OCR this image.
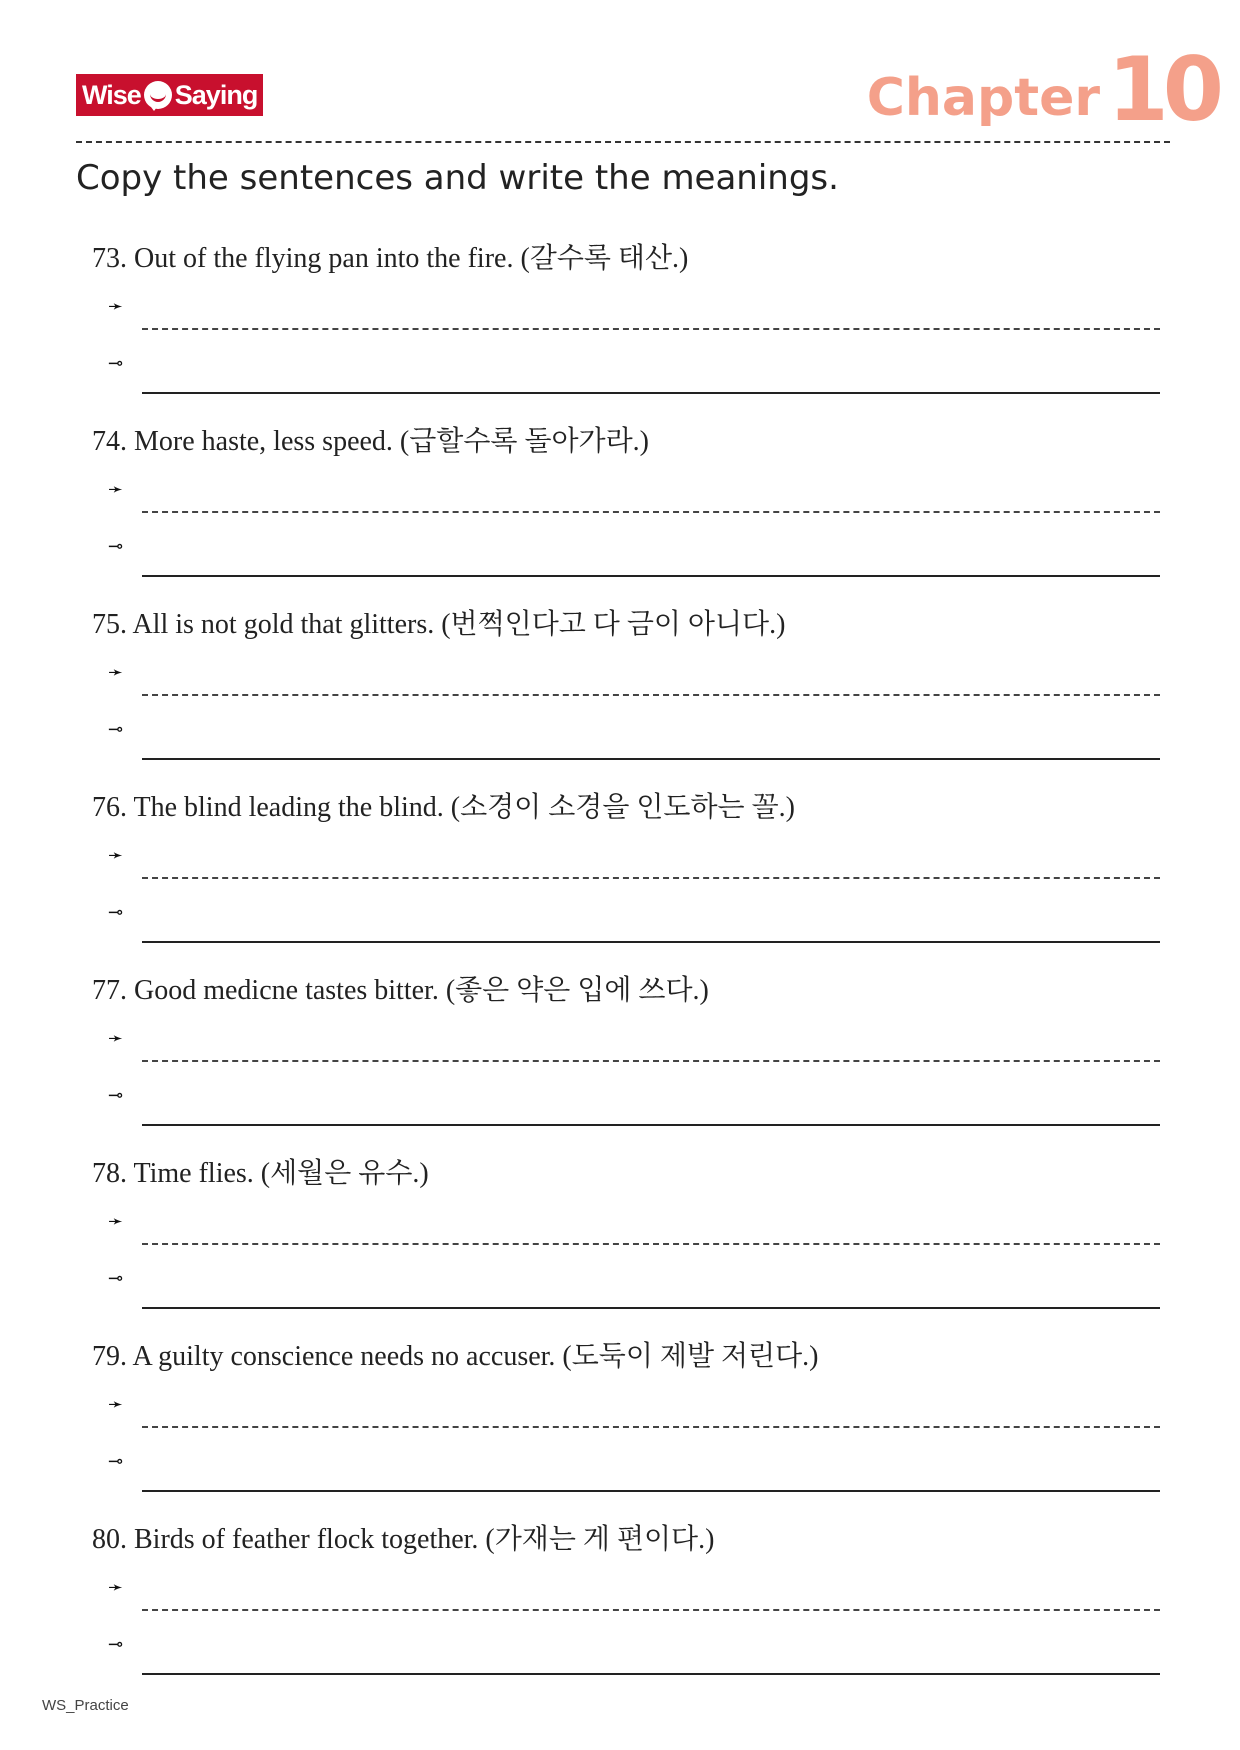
Wise Saying	Chapter 10
Copy the sentences and write the meanings.
73. Out of the flying pan into the fire. (갈수록 태산.)
➛
⊸
74. More haste, less speed. (급할수록 돌아가라.)
➛
⊸
75. All is not gold that glitters. (번쩍인다고 다 금이 아니다.)
➛
⊸
76. The blind leading the blind. (소경이 소경을 인도하는 꼴.)
➛
⊸
77. Good medicne tastes bitter. (좋은 약은 입에 쓰다.)
➛
⊸
78. Time flies. (세월은 유수.)
➛
⊸
79. A guilty conscience needs no accuser. (도둑이 제발 저린다.)
➛
⊸
80. Birds of feather flock together. (가재는 게 편이다.)
➛
⊸
WS_Practice
